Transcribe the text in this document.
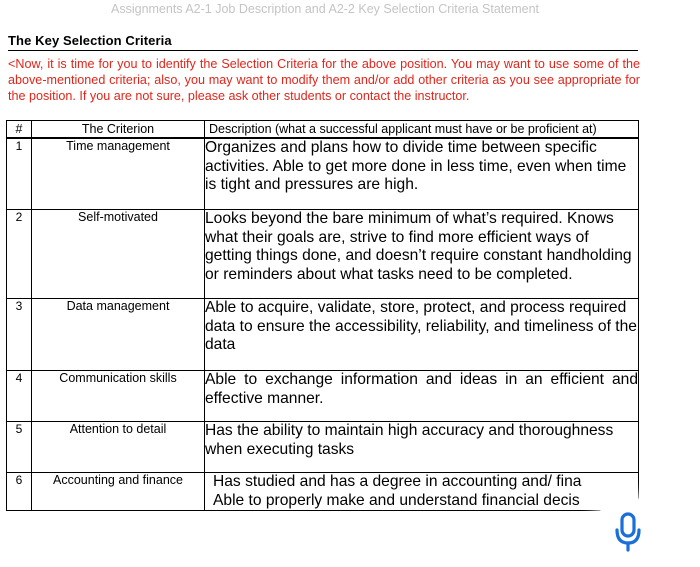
Assignments A2-1 Job Description and A2-2 Key Selection Criteria Statement
The Key Selection Criteria
<Now, it is time for you to identify the Selection Criteria for the above position. You may want to use some of the above-mentioned criteria; also, you may want to modify them and/or add other criteria as you see appropriate for the position. If you are not sure, please ask other students or contact the instructor.
#	The Criterion	Description (what a successful applicant must have or be proficient at)
1	Time management	Organizes and plans how to divide time between specific activities. Able to get more done in less time, even when time is tight and pressures are high.
2	Self-motivated	Looks beyond the bare minimum of what’s required. Knows what their goals are, strive to find more efficient ways of getting things done, and doesn’t require constant handholding or reminders about what tasks need to be completed.
3	Data management	Able to acquire, validate, store, protect, and process required data to ensure the accessibility, reliability, and timeliness of the data
4	Communication skills	Able to exchange information and ideas in an efficient and effective manner.
5	Attention to detail	Has the ability to maintain high accuracy and thoroughness when executing tasks
6	Accounting and finance	Has studied and has a degree in accounting and/ fina
Able to properly make and understand financial decis
